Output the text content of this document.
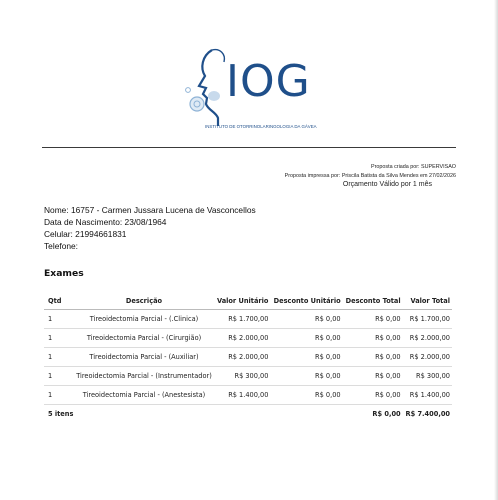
IOG
INSTITUTO DE OTORRINOLARINGOLOGIA DA GÁVEA
Proposta criada por: SUPERVISAO
Proposta impressa por: Priscila Batista da Silva Mendes em 27/02/2026
Orçamento Válido por 1 mês
Nome: 16757 - Carmen Jussara Lucena de Vasconcellos
Data de Nascimento: 23/08/1964
Celular: 21994661831
Telefone:
Exames
Qtd	Descrição	Valor Unitário	Desconto Unitário	Desconto Total	Valor Total
1	Tireoidectomia Parcial - (.Clinica)	R$ 1.700,00	R$ 0,00	R$ 0,00	R$ 1.700,00
1	Tireoidectomia Parcial - (Cirurgião)	R$ 2.000,00	R$ 0,00	R$ 0,00	R$ 2.000,00
1	Tireoidectomia Parcial - (Auxiliar)	R$ 2.000,00	R$ 0,00	R$ 0,00	R$ 2.000,00
1	Tireoidectomia Parcial - (Instrumentador)	R$ 300,00	R$ 0,00	R$ 0,00	R$ 300,00
1	Tireoidectomia Parcial - (Anestesista)	R$ 1.400,00	R$ 0,00	R$ 0,00	R$ 1.400,00
5 itens				R$ 0,00	R$ 7.400,00
